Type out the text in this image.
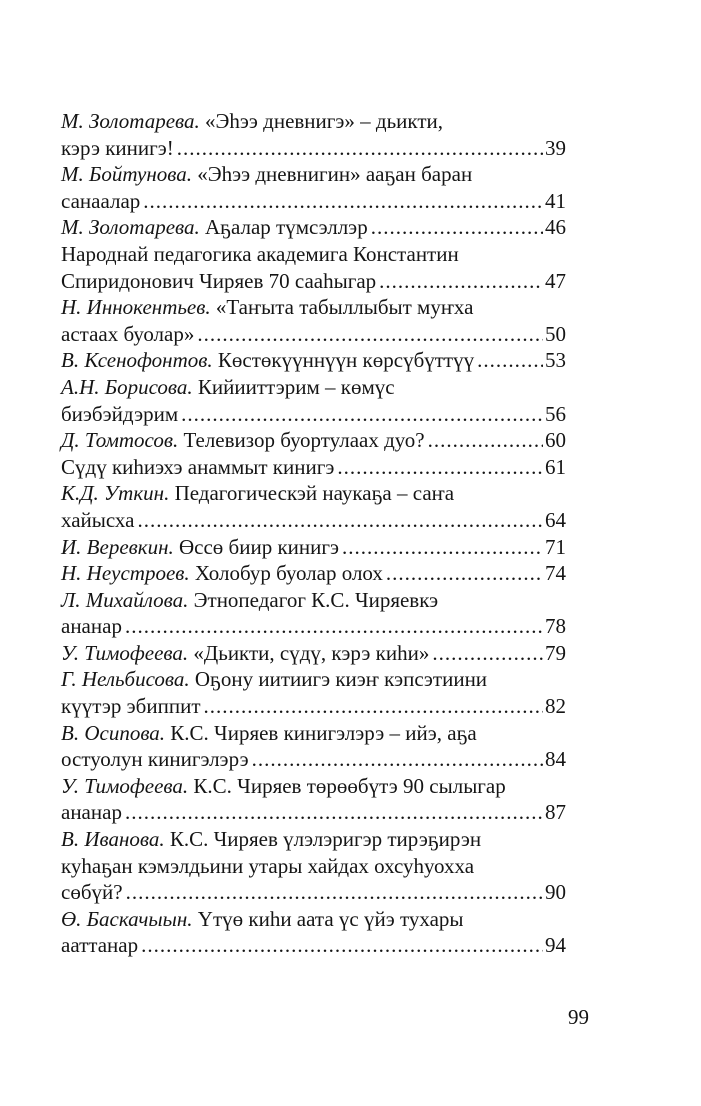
М. Золотарева. «Эһээ дневнигэ» – дьикти,
кэрэ кинигэ! .....	39
М. Бойтунова. «Эһээ дневнигин» ааҕан баран
санаалар .....	41
М. Золотарева. Аҕалар түмсэллэр .....	46
Народнай педагогика академига Константин
Спиридонович Чиряев 70 сааһыгар .....	47
Н. Иннокентьев. «Таҥыта табыллыбыт муҥха
астаах буолар» .....	50
В. Ксенофонтов. Көстөкүүннүүн көрсүбүттүү .....	53
А.Н. Борисова. Кийииттэрим – көмүс
биэбэйдэрим .....	56
Д. Томтосов. Телевизор буортулаах дуо? .....	60
Сүдү киһиэхэ анаммыт кинигэ .....	61
К.Д. Уткин. Педагогическэй наукаҕа – саҥа
хайысха .....	64
И. Веревкин. Өссө биир кинигэ .....	71
Н. Неустроев. Холобур буолар олох .....	74
Л. Михайлова. Этнопедагог К.С. Чиряевкэ
ананар .....	78
У. Тимофеева. «Дьикти, сүдү, кэрэ киһи» .....	79
Г. Нельбисова. Оҕону иитиигэ киэҥ кэпсэтиини
күүтэр эбиппит .....	82
В. Осипова. К.С. Чиряев кинигэлэрэ – ийэ, аҕа
остуолун кинигэлэрэ .....	84
У. Тимофеева. К.С. Чиряев төрөөбүтэ 90 сылыгар
ананар .....	87
В. Иванова. К.С. Чиряев үлэлэригэр тирэҕирэн
куһаҕан кэмэлдьини утары хайдах охсуһуохха
сөбүй? .....	90
Ө. Баскачыын. Үтүө киһи аата үс үйэ тухары
ааттанар .....	94
99
